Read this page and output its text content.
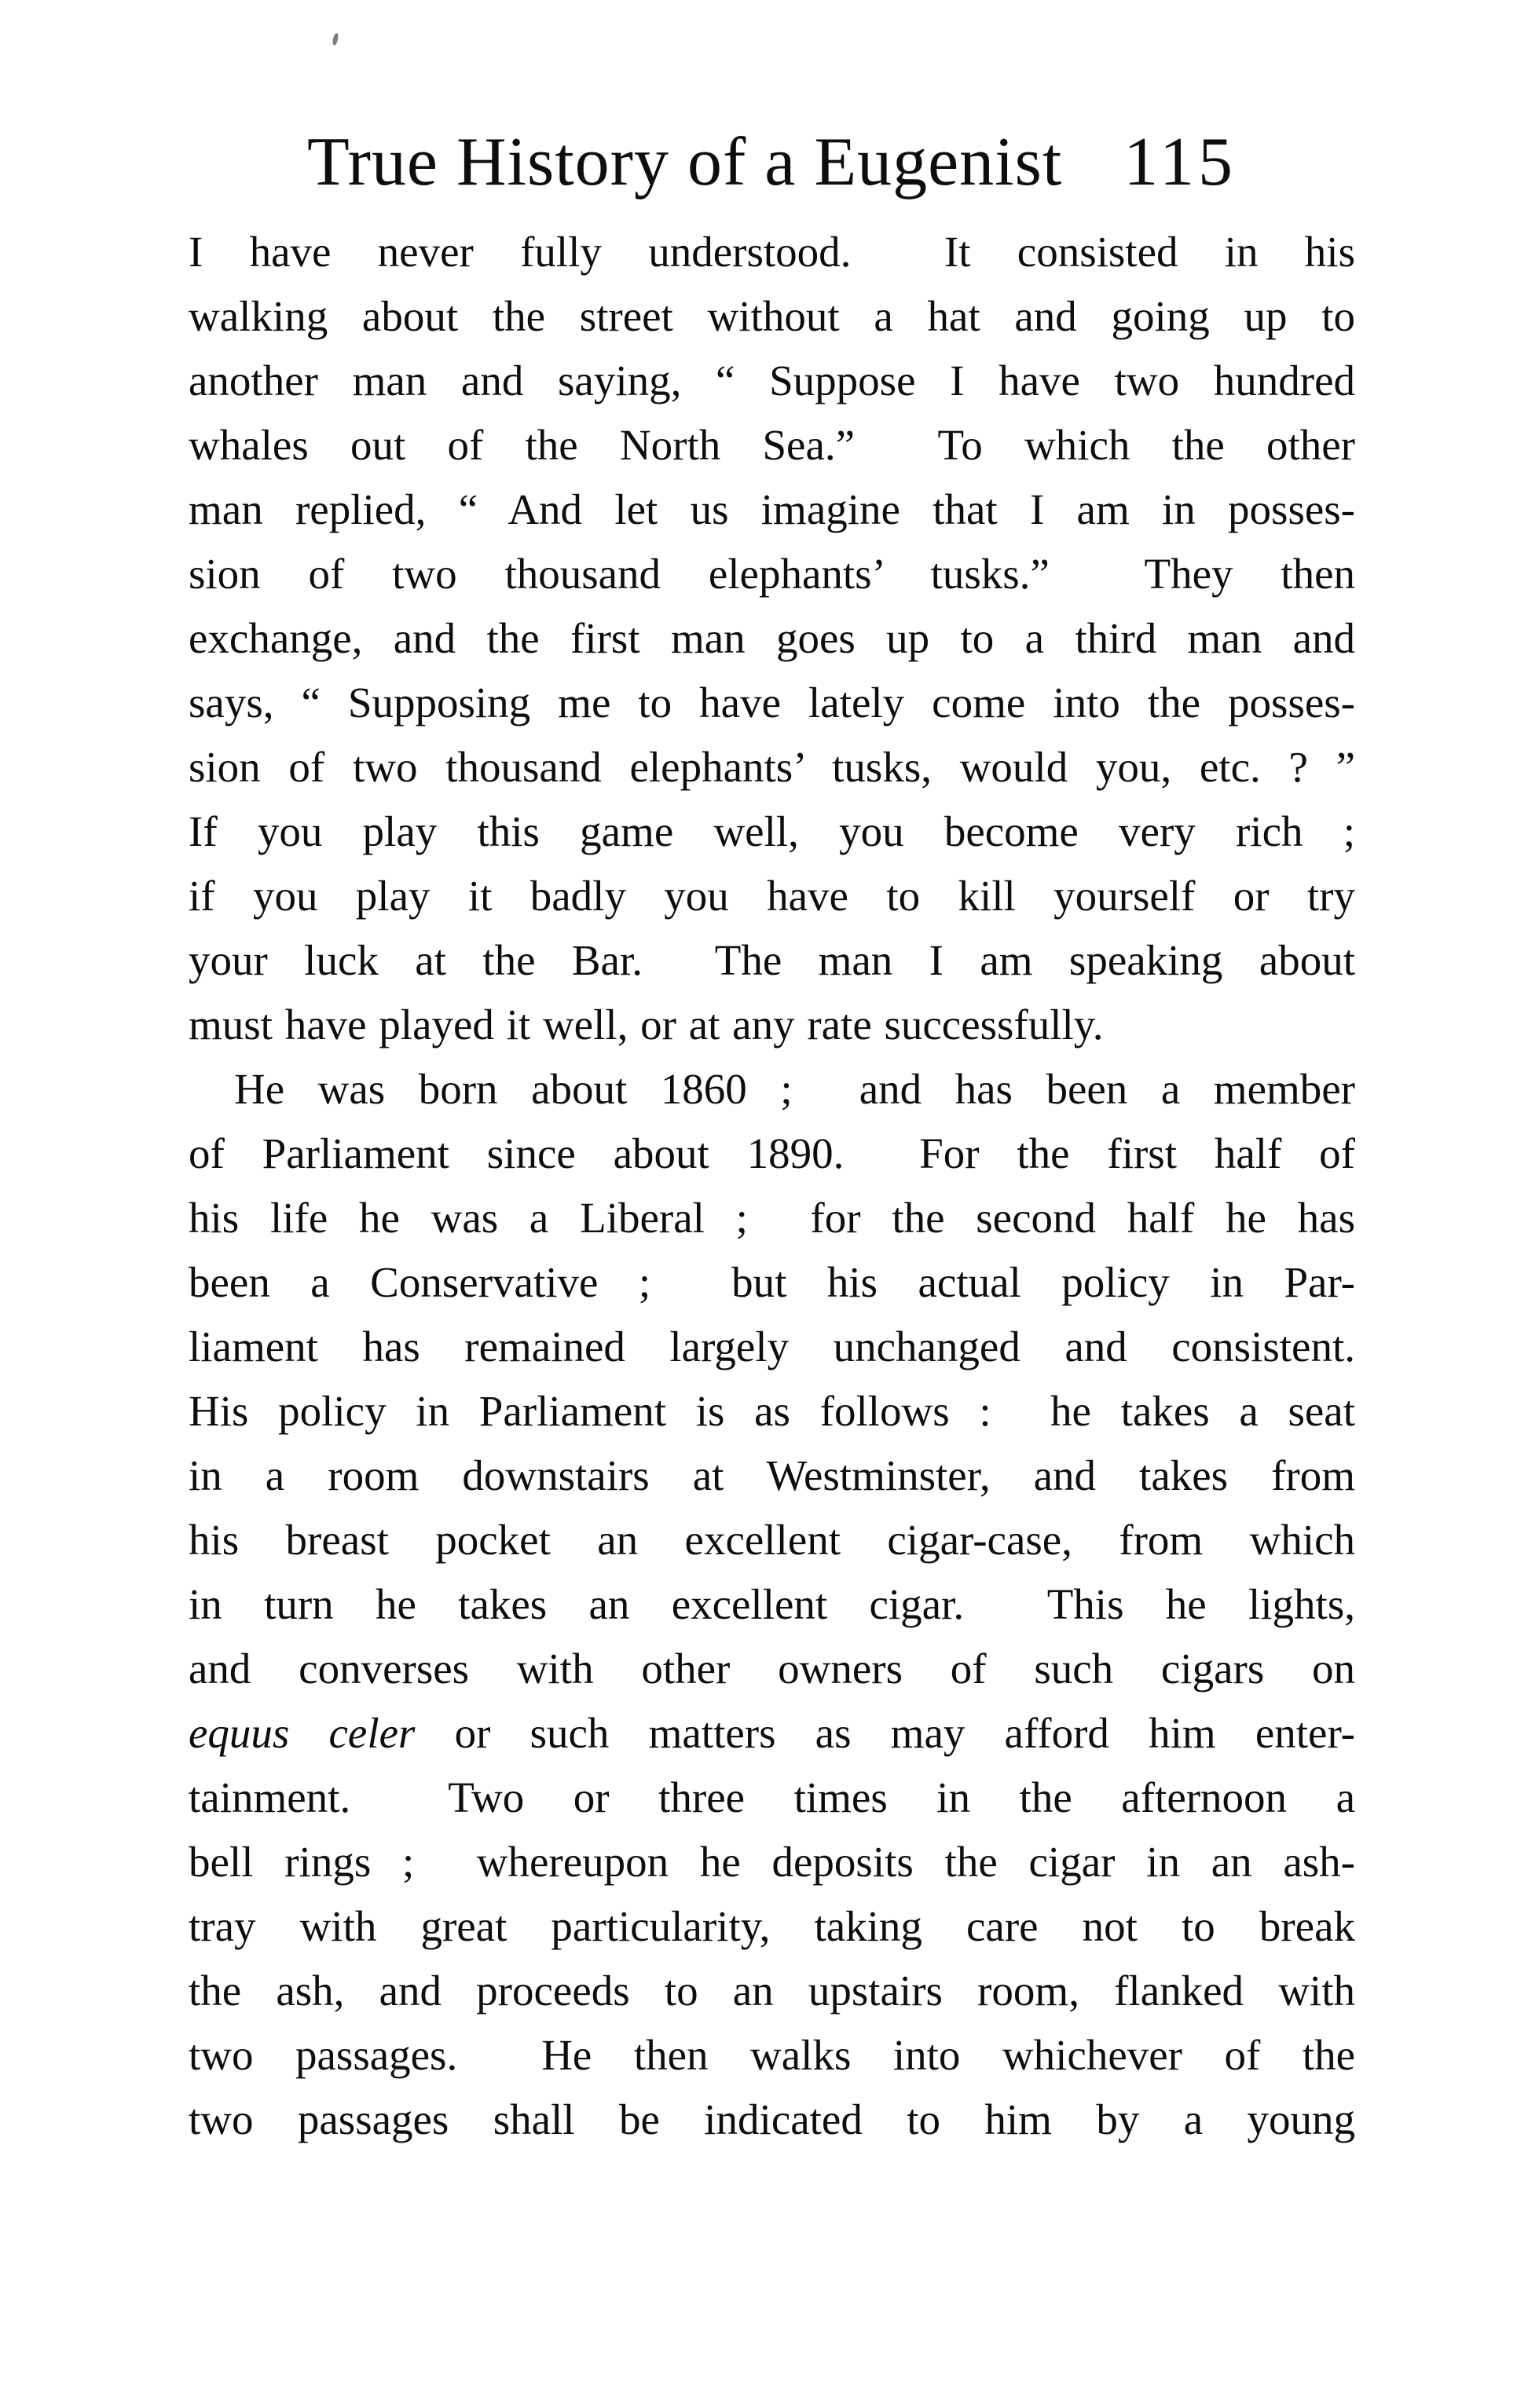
True History of a Eugenist 115
I have never fully understood.  It consisted in his
walking about the street without a hat and going up to
another man and saying, “ Suppose I have two hundred
whales out of the North Sea.”  To which the other
man replied, “ And let us imagine that I am in posses-
sion of two thousand elephants’ tusks.”  They then
exchange, and the first man goes up to a third man and
says, “ Supposing me to have lately come into the posses-
sion of two thousand elephants’ tusks, would you, etc. ? ”
If you play this game well, you become very rich ;
if you play it badly you have to kill yourself or try
your luck at the Bar.  The man I am speaking about
must have played it well, or at any rate successfully.
He was born about 1860 ;  and has been a member
of Parliament since about 1890.  For the first half of
his life he was a Liberal ;  for the second half he has
been a Conservative ;  but his actual policy in Par-
liament has remained largely unchanged and consistent.
His policy in Parliament is as follows :  he takes a seat
in a room downstairs at Westminster, and takes from
his breast pocket an excellent cigar-case, from which
in turn he takes an excellent cigar.  This he lights,
and converses with other owners of such cigars on
equus celer or such matters as may afford him enter-
tainment.  Two or three times in the afternoon a
bell rings ;  whereupon he deposits the cigar in an ash-
tray with great particularity, taking care not to break
the ash, and proceeds to an upstairs room, flanked with
two passages.  He then walks into whichever of the
two passages shall be indicated to him by a young
